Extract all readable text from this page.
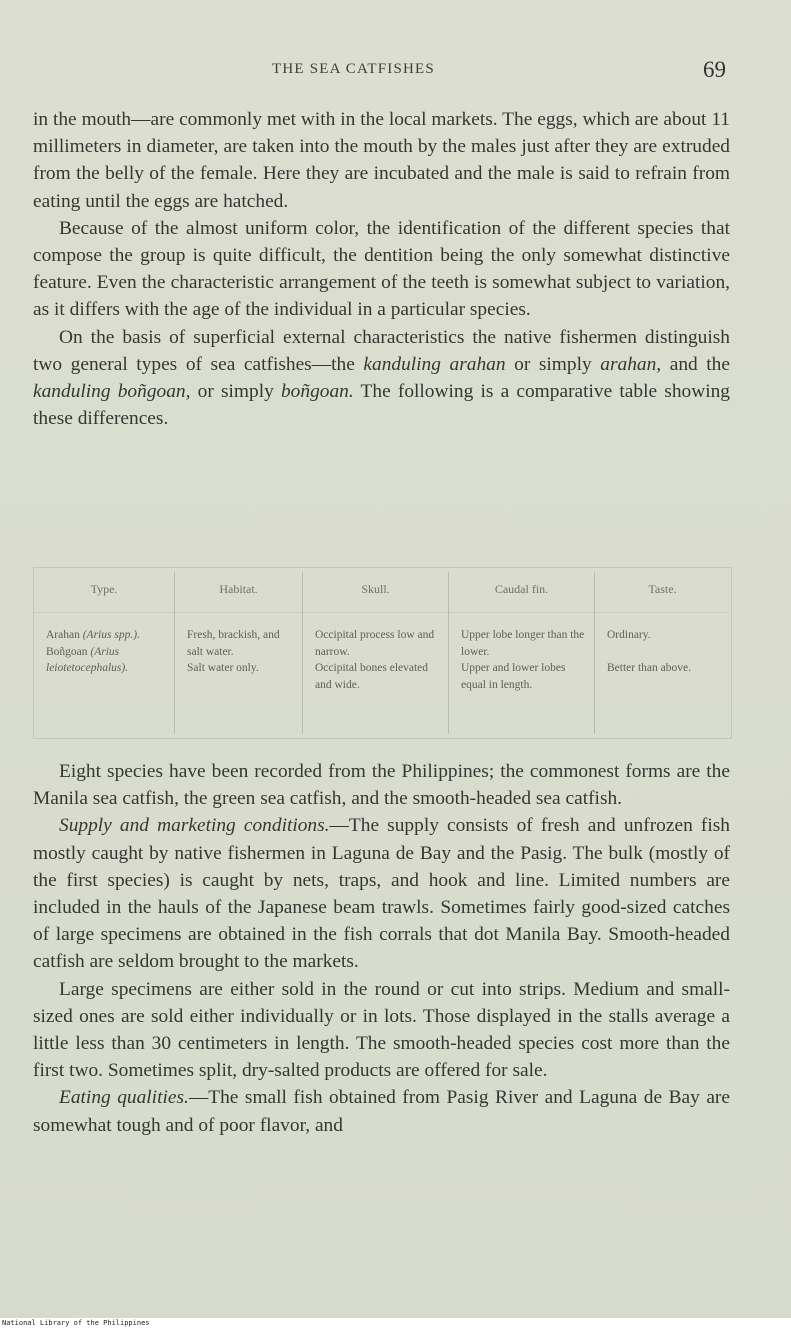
THE SEA CATFISHES	69

in the mouth—are commonly met with in the local markets. The eggs, which are about 11 millimeters in diameter, are taken into the mouth by the males just after they are extruded from the belly of the female. Here they are incubated and the male is said to refrain from eating until the eggs are hatched.

Because of the almost uniform color, the identification of the different species that compose the group is quite difficult, the dentition being the only somewhat distinctive feature. Even the characteristic arrangement of the teeth is somewhat subject to variation, as it differs with the age of the individual in a particular species.

On the basis of superficial external characteristics the native fishermen distinguish two general types of sea catfishes—the kanduling arahan or simply arahan, and the kanduling boñgoan, or simply boñgoan. The following is a comparative table showing these differences.

Type.
Arahan (Arius spp.).
Boñgoan (Arius leiotetocephalus).
Habitat.
Fresh, brackish, and salt water.
Salt water only.
Skull.
Occipital process low and narrow.
Occipital bones elevated and wide.
Caudal fin.
Upper lobe longer than the lower.
Upper and lower lobes equal in length.
Taste.
Ordinary.
Better than above.

Eight species have been recorded from the Philippines; the commonest forms are the Manila sea catfish, the green sea catfish, and the smooth-headed sea catfish.

Supply and marketing conditions.—The supply consists of fresh and unfrozen fish mostly caught by native fishermen in Laguna de Bay and the Pasig. The bulk (mostly of the first species) is caught by nets, traps, and hook and line. Limited numbers are included in the hauls of the Japanese beam trawls. Sometimes fairly good-sized catches of large specimens are obtained in the fish corrals that dot Manila Bay. Smooth-headed catfish are seldom brought to the markets.

Large specimens are either sold in the round or cut into strips. Medium and small-sized ones are sold either individually or in lots. Those displayed in the stalls average a little less than 30 centimeters in length. The smooth-headed species cost more than the first two. Sometimes split, dry-salted products are offered for sale.

Eating qualities.—The small fish obtained from Pasig River and Laguna de Bay are somewhat tough and of poor flavor, and

National Library of the Philippines
